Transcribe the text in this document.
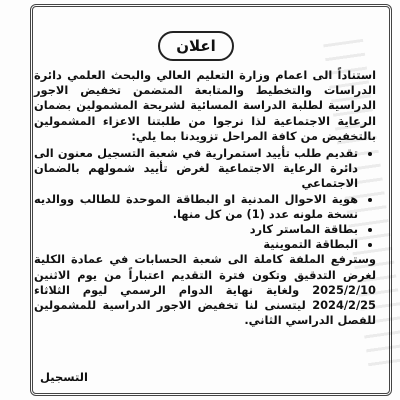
اعلان

استناداً الى اعمام وزارة التعليم العالي والبحث العلمي دائرة الدراسات والتخطيط والمتابعة المتضمن تخفيض الاجور الدراسية لطلبة الدراسة المسائية لشريحة المشمولين بضمان الرعاية الاجتماعية لذا نرجوا من طلبتنا الاعزاء المشمولين بالتخفيض من كافة المراحل تزويدنا بما يلي:

• تقديم طلب تأييد استمرارية في شعبة التسجيل معنون الى دائرة الرعاية الاجتماعية لغرض تأييد شمولهم بالضمان الاجتماعي
• هوية الاحوال المدنية او البطاقة الموحدة للطالب ووالديه نسخة ملونه عدد (1) من كل منها.
• بطاقة الماستر كارد
• البطاقة التموينية

وسترفع الملفة كاملة الى شعبة الحسابات في عمادة الكلية لغرض التدقيق وتكون فترة التقديم اعتباراً من يوم الاثنين 2025/2/10 ولغاية نهاية الدوام الرسمي ليوم الثلاثاء 2024/2/25 ليتسنى لنا تخفيض الاجور الدراسية للمشمولين للفصل الدراسي الثاني.

التسجيل
